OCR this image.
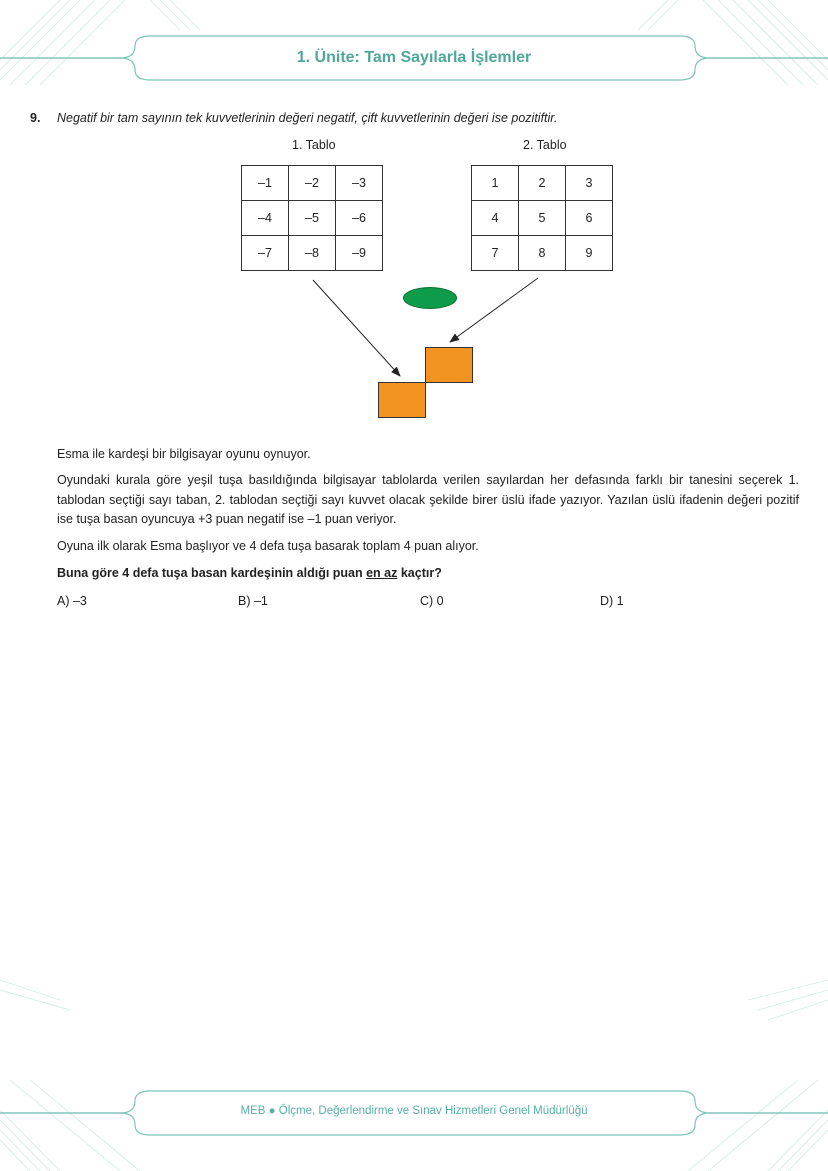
1. Ünite: Tam Sayılarla İşlemler
9. Negatif bir tam sayının tek kuvvetlerinin değeri negatif, çift kuvvetlerinin değeri ise pozitiftir.
1. Tablo	2. Tablo
–1	–2	–3
–4	–5	–6
–7	–8	–9
1	2	3
4	5	6
7	8	9
Esma ile kardeşi bir bilgisayar oyunu oynuyor.
Oyundaki kurala göre yeşil tuşa basıldığında bilgisayar tablolarda verilen sayılardan her defasında farklı bir tanesini seçerek 1. tablodan seçtiği sayı taban, 2. tablodan seçtiği sayı kuvvet olacak şekilde birer üslü ifade yazıyor. Yazılan üslü ifadenin değeri pozitif ise tuşa basan oyuncuya +3 puan negatif ise –1 puan veriyor.
Oyuna ilk olarak Esma başlıyor ve 4 defa tuşa basarak toplam 4 puan alıyor.
Buna göre 4 defa tuşa basan kardeşinin aldığı puan en az kaçtır?
A) –3	B) –1	C) 0	D) 1
MEB ● Ölçme, Değerlendirme ve Sınav Hizmetleri Genel Müdürlüğü
